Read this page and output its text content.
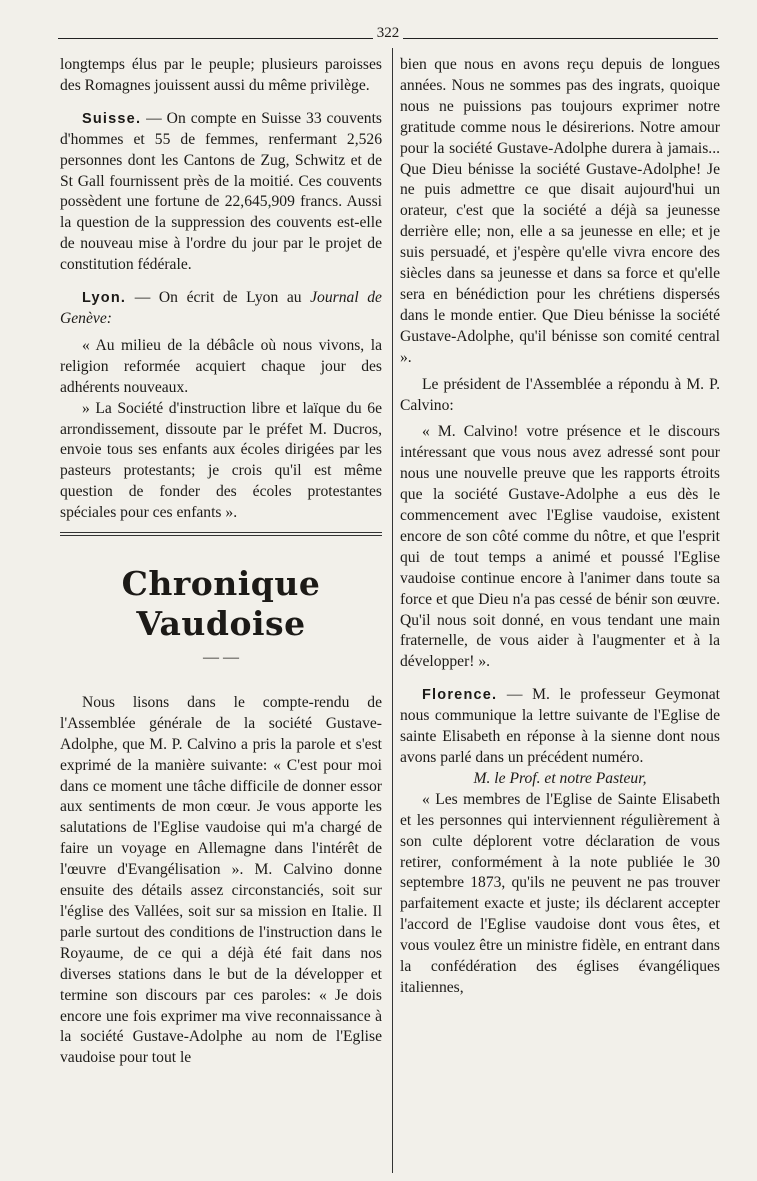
322

longtemps élus par le peuple; plusieurs paroisses des Romagnes jouissent aussi du même privilège.

Suisse. — On compte en Suisse 33 couvents d'hommes et 55 de femmes, renfermant 2,526 personnes dont les Cantons de Zug, Schwitz et de St Gall fournissent près de la moitié. Ces couvents possèdent une fortune de 22,645,909 francs. Aussi la question de la suppression des couvents est-elle de nouveau mise à l'ordre du jour par le projet de constitution fédérale.

Lyon. — On écrit de Lyon au Journal de Genève:

« Au milieu de la débâcle où nous vivons, la religion reformée acquiert chaque jour des adhérents nouveaux.

» La Société d'instruction libre et laïque du 6e arrondissement, dissoute par le préfet M. Ducros, envoie tous ses enfants aux écoles dirigées par les pasteurs protestants; je crois qu'il est même question de fonder des écoles protestantes spéciales pour ces enfants ».

Chronique Vaudoise
— —

Nous lisons dans le compte-rendu de l'Assemblée générale de la société Gustave-Adolphe, que M. P. Calvino a pris la parole et s'est exprimé de la manière suivante: « C'est pour moi dans ce moment une tâche difficile de donner essor aux sentiments de mon cœur. Je vous apporte les salutations de l'Eglise vaudoise qui m'a chargé de faire un voyage en Allemagne dans l'intérêt de l'œuvre d'Evangélisation ». M. Calvino donne ensuite des détails assez circonstanciés, soit sur l'église des Vallées, soit sur sa mission en Italie. Il parle surtout des conditions de l'instruction dans le Royaume, de ce qui a déjà été fait dans nos diverses stations dans le but de la développer et termine son discours par ces paroles: « Je dois encore une fois exprimer ma vive reconnaissance à la société Gustave-Adolphe au nom de l'Eglise vaudoise pour tout le

bien que nous en avons reçu depuis de longues années. Nous ne sommes pas des ingrats, quoique nous ne puissions pas toujours exprimer notre gratitude comme nous le désirerions. Notre amour pour la société Gustave-Adolphe durera à jamais... Que Dieu bénisse la société Gustave-Adolphe! Je ne puis admettre ce que disait aujourd'hui un orateur, c'est que la société a déjà sa jeunesse derrière elle; non, elle a sa jeunesse en elle; et je suis persuadé, et j'espère qu'elle vivra encore des siècles dans sa jeunesse et dans sa force et qu'elle sera en bénédiction pour les chrétiens dispersés dans le monde entier. Que Dieu bénisse la société Gustave-Adolphe, qu'il bénisse son comité central ».

Le président de l'Assemblée a répondu à M. P. Calvino:

« M. Calvino! votre présence et le discours intéressant que vous nous avez adressé sont pour nous une nouvelle preuve que les rapports étroits que la société Gustave-Adolphe a eus dès le commencement avec l'Eglise vaudoise, existent encore de son côté comme du nôtre, et que l'esprit qui de tout temps a animé et poussé l'Eglise vaudoise continue encore à l'animer dans toute sa force et que Dieu n'a pas cessé de bénir son œuvre. Qu'il nous soit donné, en vous tendant une main fraternelle, de vous aider à l'augmenter et à la développer! ».

Florence. — M. le professeur Geymonat nous communique la lettre suivante de l'Eglise de sainte Elisabeth en réponse à la sienne dont nous avons parlé dans un précédent numéro.

M. le Prof. et notre Pasteur,

« Les membres de l'Eglise de Sainte Elisabeth et les personnes qui interviennent régulièrement à son culte déplorent votre déclaration de vous retirer, conformément à la note publiée le 30 septembre 1873, qu'ils ne peuvent ne pas trouver parfaitement exacte et juste; ils déclarent accepter l'accord de l'Eglise vaudoise dont vous êtes, et vous voulez être un ministre fidèle, en entrant dans la confédération des églises évangéliques italiennes,
